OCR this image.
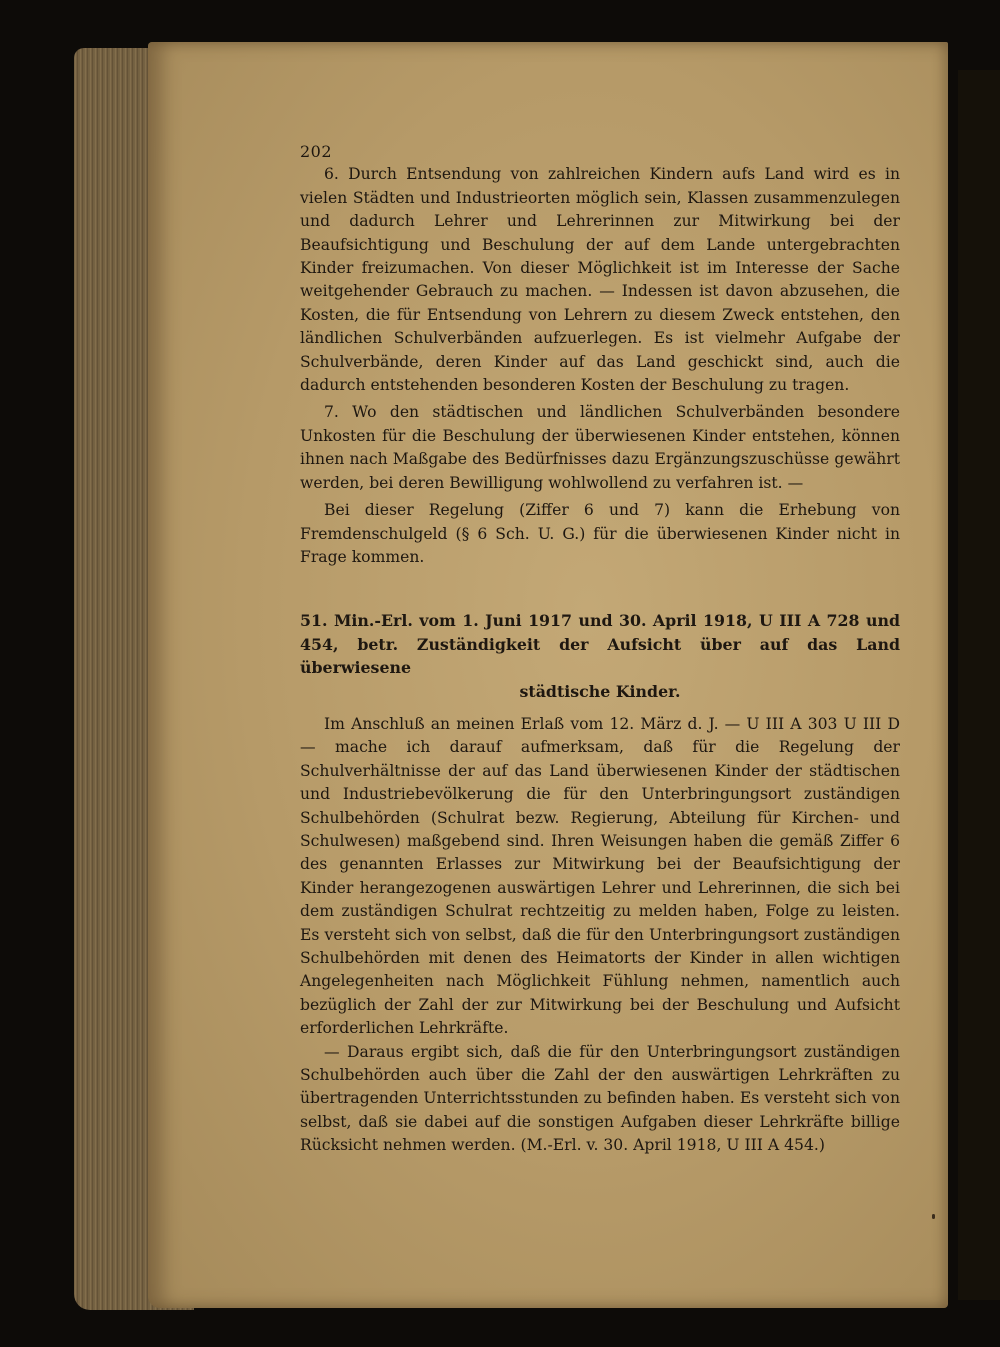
202

6. Durch Entsendung von zahlreichen Kindern aufs Land wird es in vielen Städten und Industrieorten möglich sein, Klassen zusammenzulegen und dadurch Lehrer und Lehrerinnen zur Mitwirkung bei der Beaufsichtigung und Beschulung der auf dem Lande untergebrachten Kinder freizumachen. Von dieser Möglichkeit ist im Interesse der Sache weitgehender Gebrauch zu machen. — Indessen ist davon abzusehen, die Kosten, die für Entsendung von Lehrern zu diesem Zweck entstehen, den ländlichen Schulverbänden aufzuerlegen. Es ist vielmehr Aufgabe der Schulverbände, deren Kinder auf das Land geschickt sind, auch die dadurch entstehenden besonderen Kosten der Beschulung zu tragen.

7. Wo den städtischen und ländlichen Schulverbänden besondere Unkosten für die Beschulung der überwiesenen Kinder entstehen, können ihnen nach Maßgabe des Bedürfnisses dazu Ergänzungszuschüsse gewährt werden, bei deren Bewilligung wohlwollend zu verfahren ist. —

Bei dieser Regelung (Ziffer 6 und 7) kann die Erhebung von Fremdenschulgeld (§ 6 Sch. U. G.) für die überwiesenen Kinder nicht in Frage kommen.

51. Min.-Erl. vom 1. Juni 1917 und 30. April 1918, U III A 728 und 454, betr. Zuständigkeit der Aufsicht über auf das Land überwiesene
städtische Kinder.

Im Anschluß an meinen Erlaß vom 12. März d. J. — U III A 303 U III D — mache ich darauf aufmerksam, daß für die Regelung der Schulverhältnisse der auf das Land überwiesenen Kinder der städtischen und Industriebevölkerung die für den Unterbringungsort zuständigen Schulbehörden (Schulrat bezw. Regierung, Abteilung für Kirchen- und Schulwesen) maßgebend sind. Ihren Weisungen haben die gemäß Ziffer 6 des genannten Erlasses zur Mitwirkung bei der Beaufsichtigung der Kinder herangezogenen auswärtigen Lehrer und Lehrerinnen, die sich bei dem zuständigen Schulrat rechtzeitig zu melden haben, Folge zu leisten. Es versteht sich von selbst, daß die für den Unterbringungsort zuständigen Schulbehörden mit denen des Heimatorts der Kinder in allen wichtigen Angelegenheiten nach Möglichkeit Fühlung nehmen, namentlich auch bezüglich der Zahl der zur Mitwirkung bei der Beschulung und Aufsicht erforderlichen Lehrkräfte.

— Daraus ergibt sich, daß die für den Unterbringungsort zuständigen Schulbehörden auch über die Zahl der den auswärtigen Lehrkräften zu übertragenden Unterrichtsstunden zu befinden haben. Es versteht sich von selbst, daß sie dabei auf die sonstigen Aufgaben dieser Lehrkräfte billige Rücksicht nehmen werden. (M.-Erl. v. 30. April 1918, U III A 454.)
